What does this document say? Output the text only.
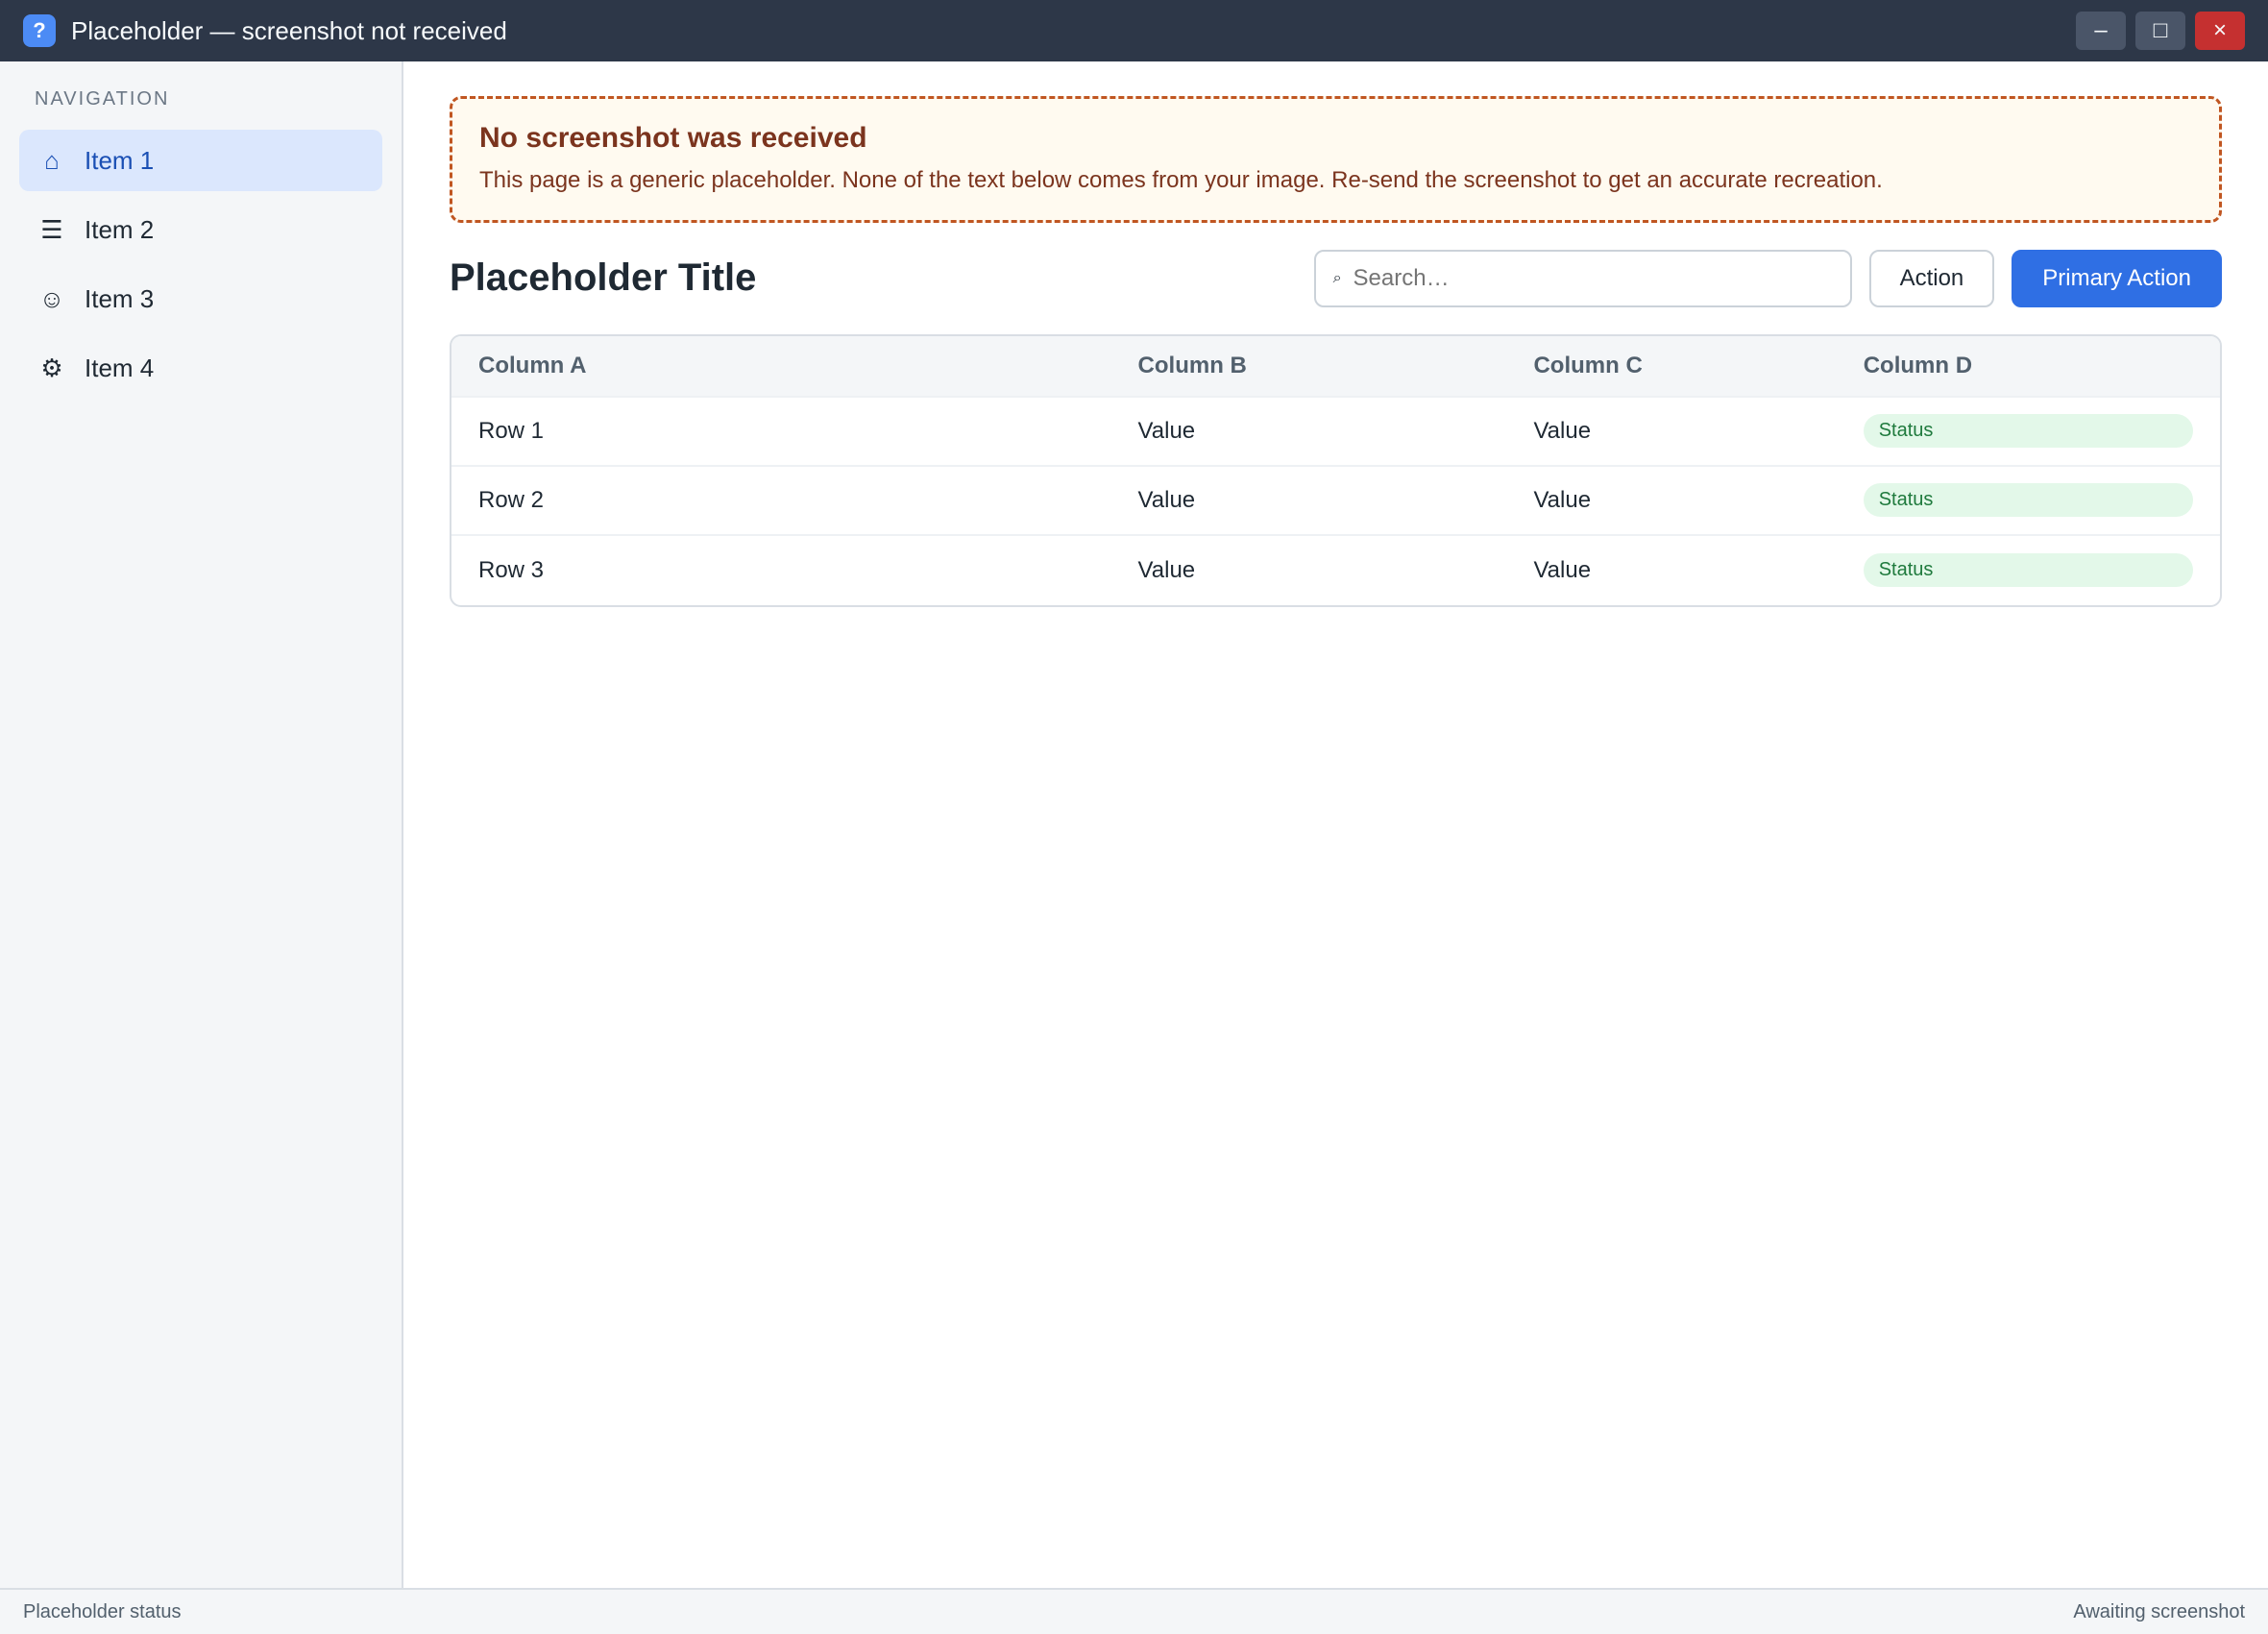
?	Placeholder — screenshot not received	–	□	×
NAVIGATION
⌂	Item 1
☰ Item 2
☺ Item 3
⚙ Item 4
No screenshot was received
This page is a generic placeholder. None of the text below comes from your image. Re-send the screenshot to get an accurate recreation.
Placeholder Title	⌕
Search…	Action	Primary Action
Column A	Column B	Column C	Column D
Row 1	Value	Value	Status
Row 2	Value	Value	Status
Row 3	Value	Value	Status
Placeholder status	Awaiting screenshot
